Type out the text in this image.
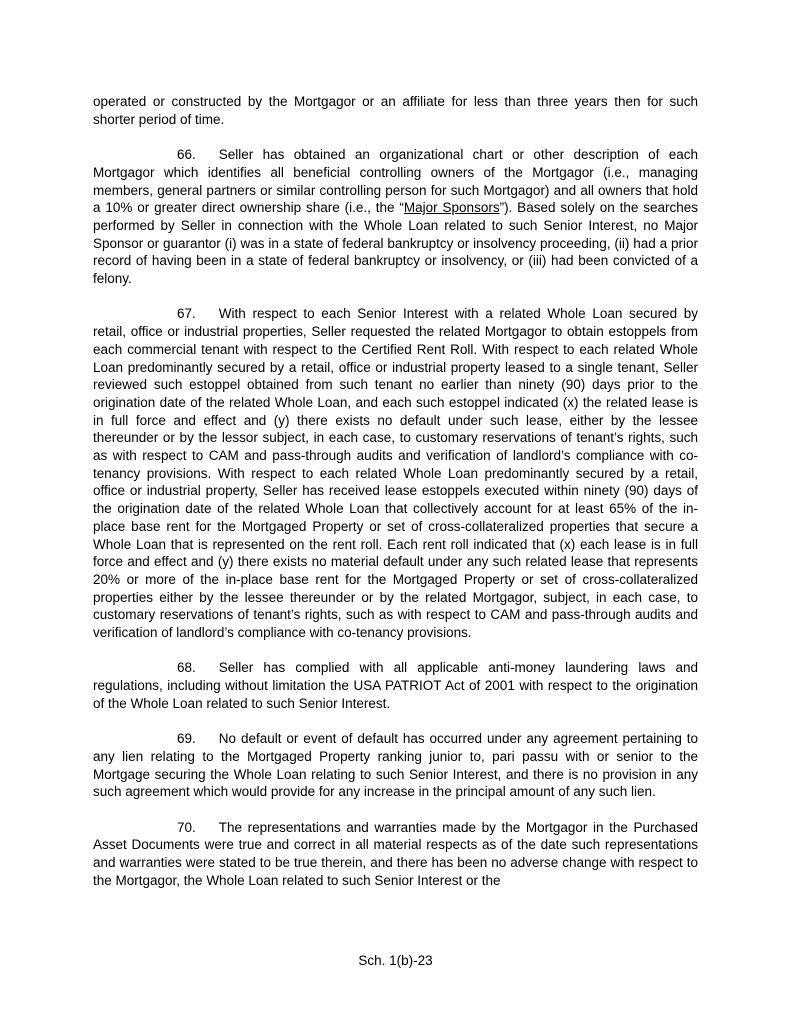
operated or constructed by the Mortgagor or an affiliate for less than three years then for such shorter period of time.

66. Seller has obtained an organizational chart or other description of each Mortgagor which identifies all beneficial controlling owners of the Mortgagor (i.e., managing members, general partners or similar controlling person for such Mortgagor) and all owners that hold a 10% or greater direct ownership share (i.e., the “Major Sponsors”). Based solely on the searches performed by Seller in connection with the Whole Loan related to such Senior Interest, no Major Sponsor or guarantor (i) was in a state of federal bankruptcy or insolvency proceeding, (ii) had a prior record of having been in a state of federal bankruptcy or insolvency, or (iii) had been convicted of a felony.

67. With respect to each Senior Interest with a related Whole Loan secured by retail, office or industrial properties, Seller requested the related Mortgagor to obtain estoppels from each commercial tenant with respect to the Certified Rent Roll. With respect to each related Whole Loan predominantly secured by a retail, office or industrial property leased to a single tenant, Seller reviewed such estoppel obtained from such tenant no earlier than ninety (90) days prior to the origination date of the related Whole Loan, and each such estoppel indicated (x) the related lease is in full force and effect and (y) there exists no default under such lease, either by the lessee thereunder or by the lessor subject, in each case, to customary reservations of tenant’s rights, such as with respect to CAM and pass-through audits and verification of landlord’s compliance with co-tenancy provisions. With respect to each related Whole Loan predominantly secured by a retail, office or industrial property, Seller has received lease estoppels executed within ninety (90) days of the origination date of the related Whole Loan that collectively account for at least 65% of the in-place base rent for the Mortgaged Property or set of cross-collateralized properties that secure a Whole Loan that is represented on the rent roll. Each rent roll indicated that (x) each lease is in full force and effect and (y) there exists no material default under any such related lease that represents 20% or more of the in-place base rent for the Mortgaged Property or set of cross-collateralized properties either by the lessee thereunder or by the related Mortgagor, subject, in each case, to customary reservations of tenant’s rights, such as with respect to CAM and pass-through audits and verification of landlord’s compliance with co-tenancy provisions.

68. Seller has complied with all applicable anti-money laundering laws and regulations, including without limitation the USA PATRIOT Act of 2001 with respect to the origination of the Whole Loan related to such Senior Interest.

69. No default or event of default has occurred under any agreement pertaining to any lien relating to the Mortgaged Property ranking junior to, pari passu with or senior to the Mortgage securing the Whole Loan relating to such Senior Interest, and there is no provision in any such agreement which would provide for any increase in the principal amount of any such lien.

70. The representations and warranties made by the Mortgagor in the Purchased Asset Documents were true and correct in all material respects as of the date such representations and warranties were stated to be true therein, and there has been no adverse change with respect to the Mortgagor, the Whole Loan related to such Senior Interest or the

Sch. 1(b)-23
